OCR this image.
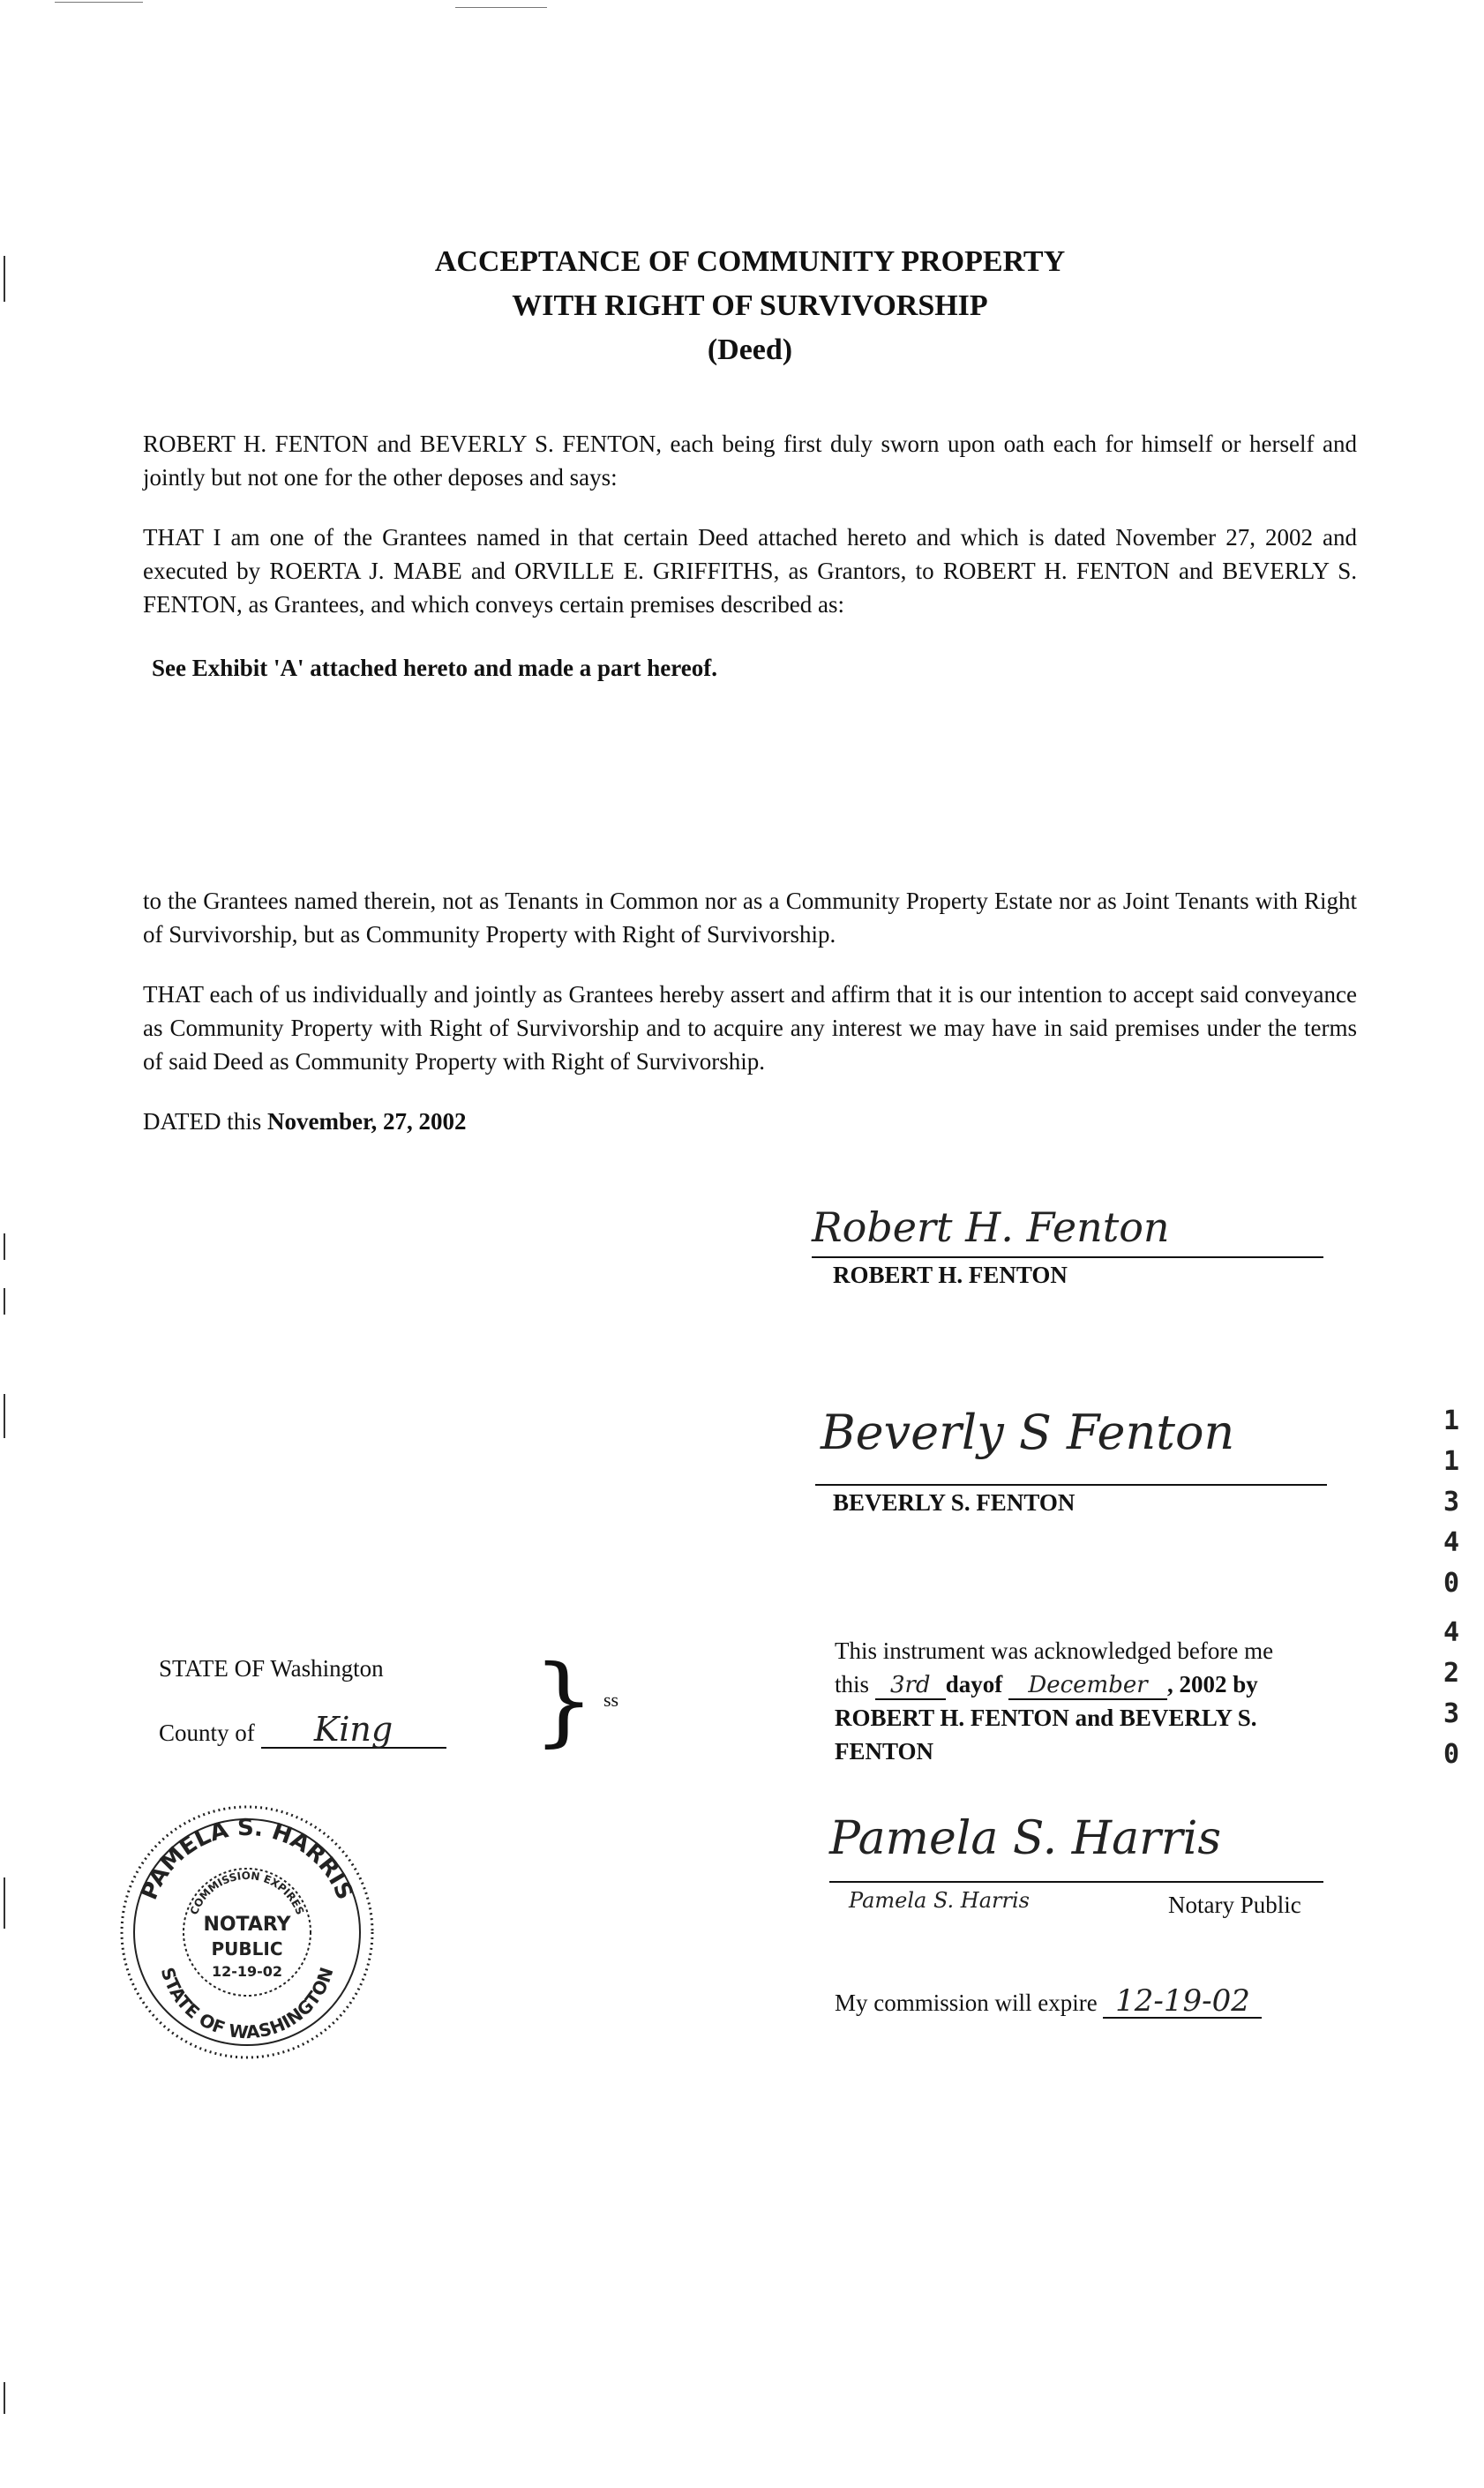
ACCEPTANCE OF COMMUNITY PROPERTY
WITH RIGHT OF SURVIVORSHIP
(Deed)
ROBERT H. FENTON and BEVERLY S. FENTON, each being first duly sworn upon oath each for himself or herself and jointly but not one for the other deposes and says:
THAT I am one of the Grantees named in that certain Deed attached hereto and which is dated November 27, 2002 and executed by ROERTA J. MABE and ORVILLE E. GRIFFITHS, as Grantors, to ROBERT H. FENTON and BEVERLY S. FENTON, as Grantees, and which conveys certain premises described as:
See Exhibit 'A' attached hereto and made a part hereof.
to the Grantees named therein, not as Tenants in Common nor as a Community Property Estate nor as Joint Tenants with Right of Survivorship, but as Community Property with Right of Survivorship.
THAT each of us individually and jointly as Grantees hereby assert and affirm that it is our intention to accept said conveyance as Community Property with Right of Survivorship and to acquire any interest we may have in said premises under the terms of said Deed as Community Property with Right of Survivorship.
DATED this November, 27, 2002
Robert H. Fenton
ROBERT H. FENTON
Beverly S Fenton
BEVERLY S. FENTON
1
1
3
4
0
4
2
3
0
STATE OF Washington
County of King	} ss
This instrument was acknowledged before me
this 3rd dayof December , 2002 by
ROBERT H. FENTON and BEVERLY S.
FENTON
Pamela S. Harris
Pamela S. Harris	Notary Public
My commission will expire 12-19-02
PAMELA S. HARRIS
STATE OF WASHINGTON
COMMISSION EXPIRES
NOTARY
PUBLIC
12-19-02
